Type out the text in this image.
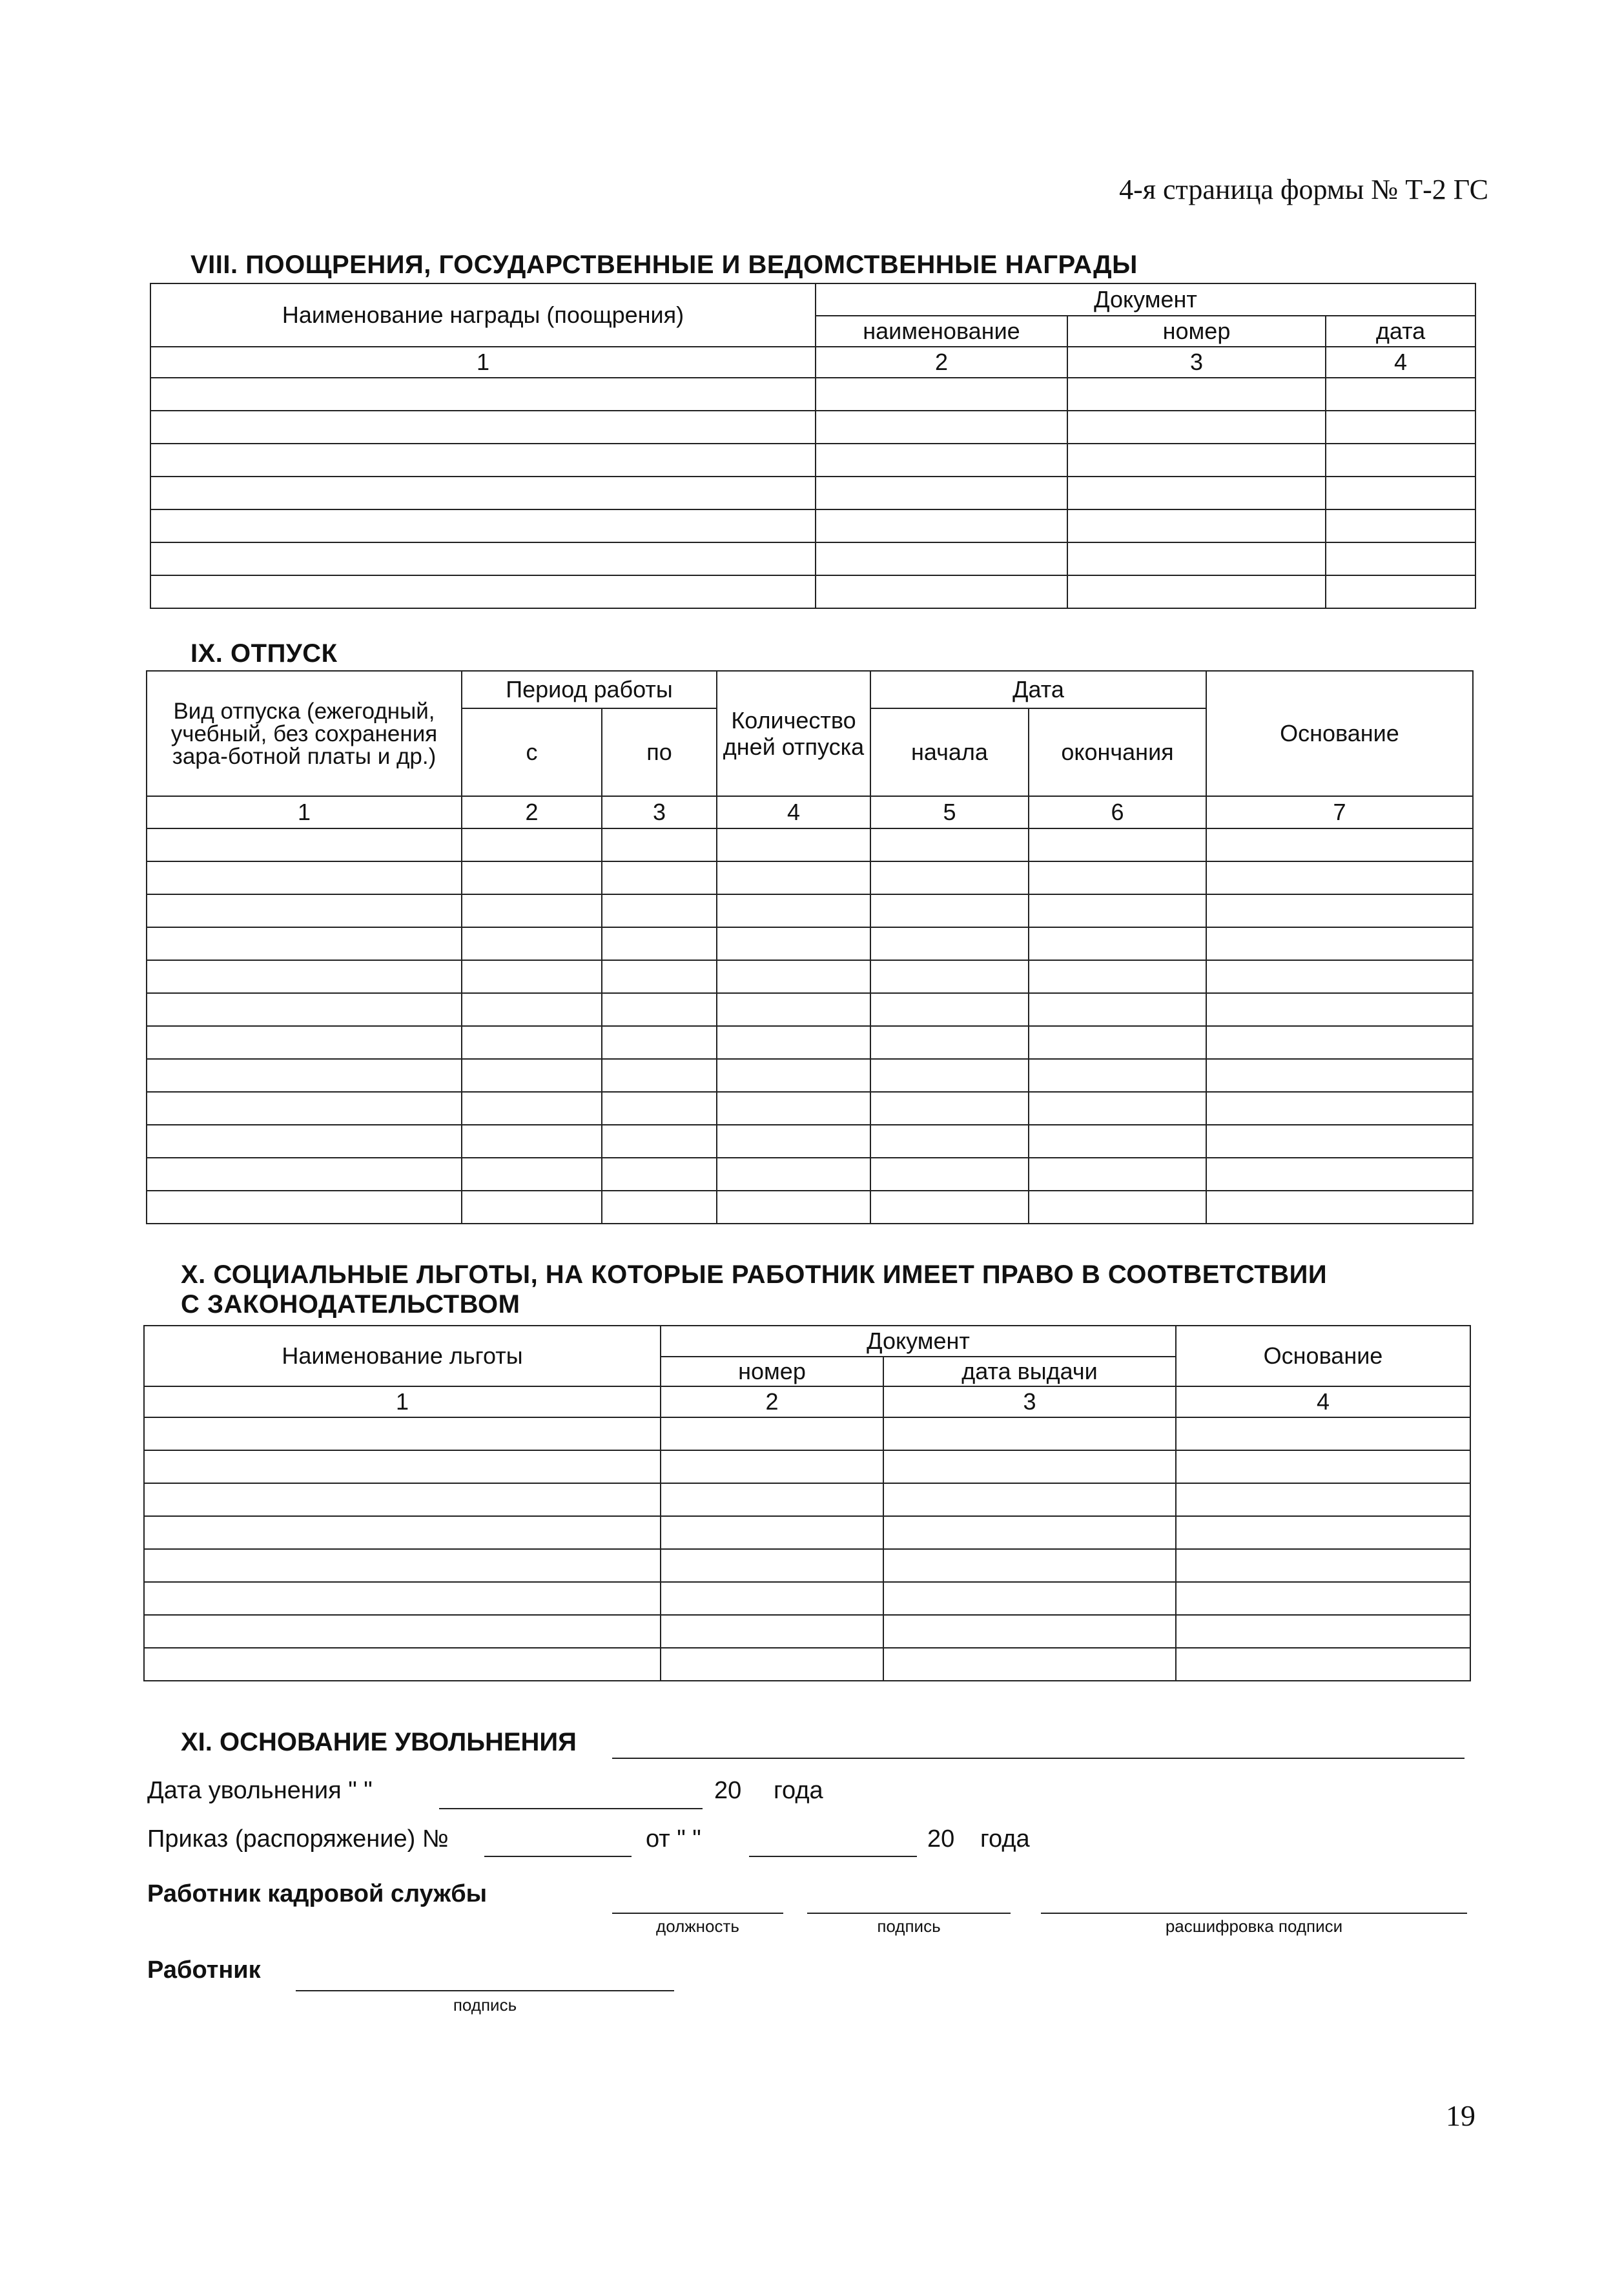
4-я страница формы № Т-2 ГС
VIII. ПООЩРЕНИЯ, ГОСУДАРСТВЕННЫЕ И ВЕДОМСТВЕННЫЕ НАГРАДЫ
Наименование награды (поощрения)	Документ		
	наименование	номер	дата
1	2	3	4

IX. ОТПУСК
Вид отпуска (ежегодный, учебный, без сохранения зара-ботной платы и др.)	Период работы		Количество дней отпуска	Дата		Основание
	с	по		начала	окончания	
1	2	3	4	5	6	7

X. СОЦИАЛЬНЫЕ ЛЬГОТЫ, НА КОТОРЫЕ РАБОТНИК ИМЕЕТ ПРАВО В СООТВЕТСТВИИ
С ЗАКОНОДАТЕЛЬСТВОМ
Наименование льготы	Документ		Основание
	номер	дата выдачи	
1	2	3	4

XI. ОСНОВАНИЕ УВОЛЬНЕНИЯ
Дата увольнения " "	20 года
Приказ (распоряжение) №	от " "	20 года
Работник кадровой службы
должность	подпись	расшифровка подписи
Работник
подпись
19
